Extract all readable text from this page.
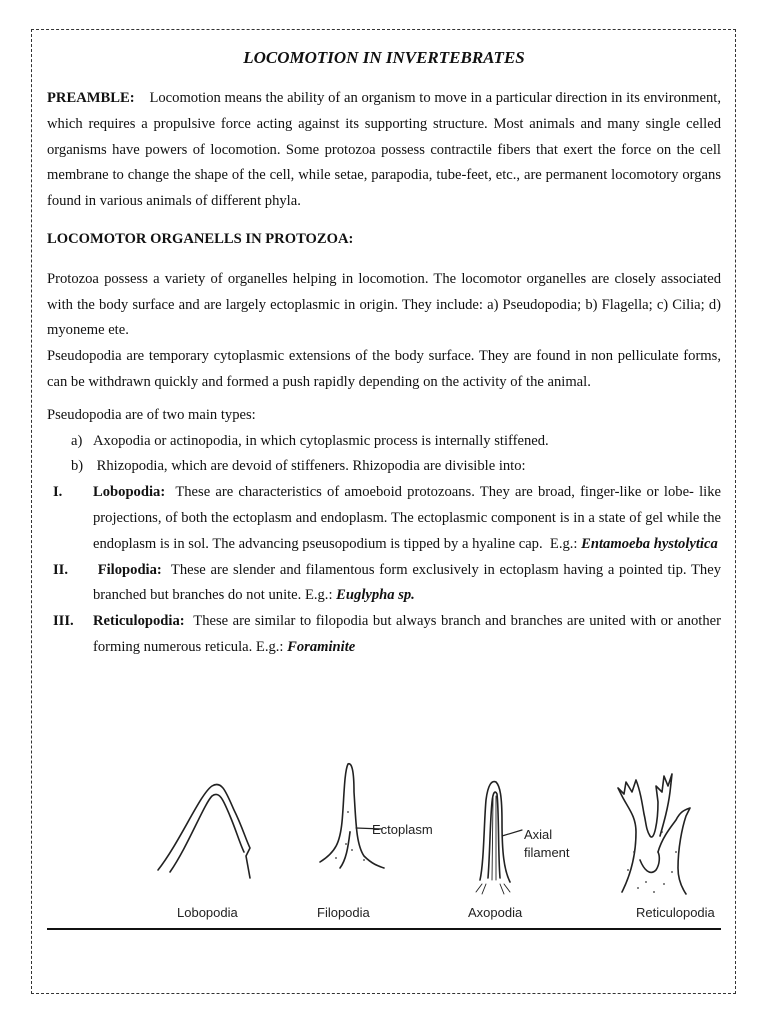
LOCOMOTION IN INVERTEBRATES

PREAMBLE: Locomotion means the ability of an organism to move in a particular direction in its environment, which requires a propulsive force acting against its supporting structure. Most animals and many single celled organisms have powers of locomotion. Some protozoa possess contractile fibers that exert the force on the cell membrane to change the shape of the cell, while setae, parapodia, tube-feet, etc., are permanent locomotory organs found in various animals of different phyla.

LOCOMOTOR ORGANELLS IN PROTOZOA:

Protozoa possess a variety of organelles helping in locomotion. The locomotor organelles are closely associated with the body surface and are largely ectoplasmic in origin. They include: a) Pseudopodia; b) Flagella; c) Cilia; d) myoneme ete.

Pseudopodia are temporary cytoplasmic extensions of the body surface. They are found in non pelliculate forms, can be withdrawn quickly and formed a push rapidly depending on the activity of the animal.

Pseudopodia are of two main types:

a) Axopodia or actinopodia, in which cytoplasmic process is internally stiffened.
b) Rhizopodia, which are devoid of stiffeners. Rhizopodia are divisible into:
I.	Lobopodia:  These are characteristics of amoeboid protozoans. They are broad, finger-like or lobe- like projections, of both the ectoplasm and endoplasm. The ectoplasmic component is in a state of gel while the endoplasm is in sol. The advancing pseusopodium is tipped by a hyaline cap.  E.g.: Entamoeba hystolytica
II.	Filopodia:  These are slender and filamentous form exclusively in ectoplasm having a pointed tip. They branched but branches do not unite. E.g.: Euglypha sp.
III.	Reticulopodia:  These are similar to filopodia but always branch and branches are united with or another forming numerous reticula. E.g.: Foraminite
Lobopodia	Filopodia	Axopodia	Reticulopodia
Ectoplasm	Axial
filament
